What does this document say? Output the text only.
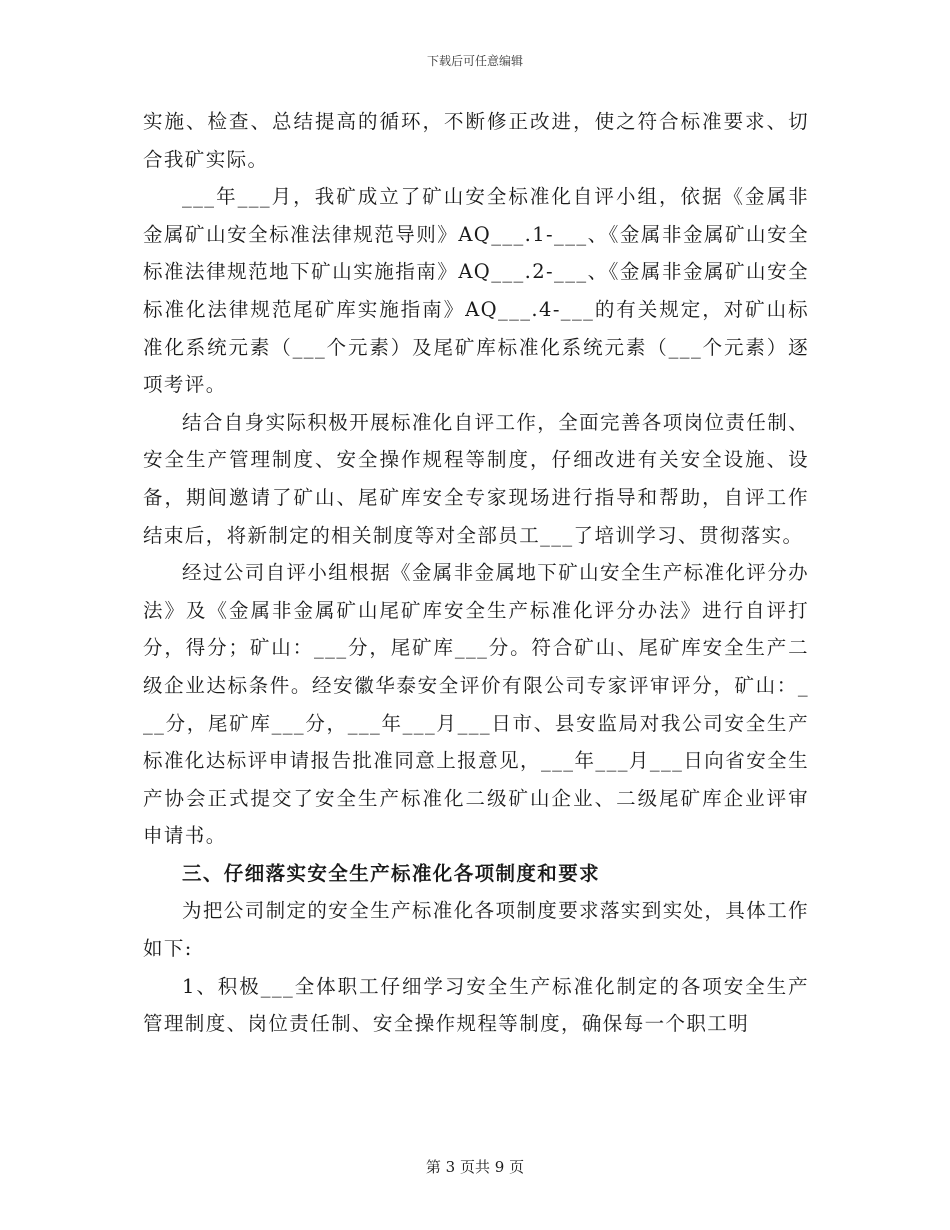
下载后可任意编辑

实施、检查、总结提高的循环，不断修正改进，使之符合标准要求、切合我矿实际。

___年___月，我矿成立了矿山安全标准化自评小组，依据《金属非金属矿山安全标准法律规范导则》AQ___.1-___、《金属非金属矿山安全标准法律规范地下矿山实施指南》AQ___.2-___、《金属非金属矿山安全标准化法律规范尾矿库实施指南》AQ___.4-___的有关规定，对矿山标准化系统元素（___个元素）及尾矿库标准化系统元素（___个元素）逐项考评。

结合自身实际积极开展标准化自评工作，全面完善各项岗位责任制、安全生产管理制度、安全操作规程等制度，仔细改进有关安全设施、设备，期间邀请了矿山、尾矿库安全专家现场进行指导和帮助，自评工作结束后，将新制定的相关制度等对全部员工___了培训学习、贯彻落实。

经过公司自评小组根据《金属非金属地下矿山安全生产标准化评分办法》及《金属非金属矿山尾矿库安全生产标准化评分办法》进行自评打分，得分；矿山：___分，尾矿库___分。符合矿山、尾矿库安全生产二级企业达标条件。经安徽华泰安全评价有限公司专家评审评分，矿山：___分，尾矿库___分，___年___月___日市、县安监局对我公司安全生产标准化达标评申请报告批准同意上报意见，___年___月___日向省安全生产协会正式提交了安全生产标准化二级矿山企业、二级尾矿库企业评审申请书。

三、仔细落实安全生产标准化各项制度和要求

为把公司制定的安全生产标准化各项制度要求落实到实处，具体工作如下:

1、积极___全体职工仔细学习安全生产标准化制定的各项安全生产管理制度、岗位责任制、安全操作规程等制度，确保每一个职工明

第 3 页共 9 页
